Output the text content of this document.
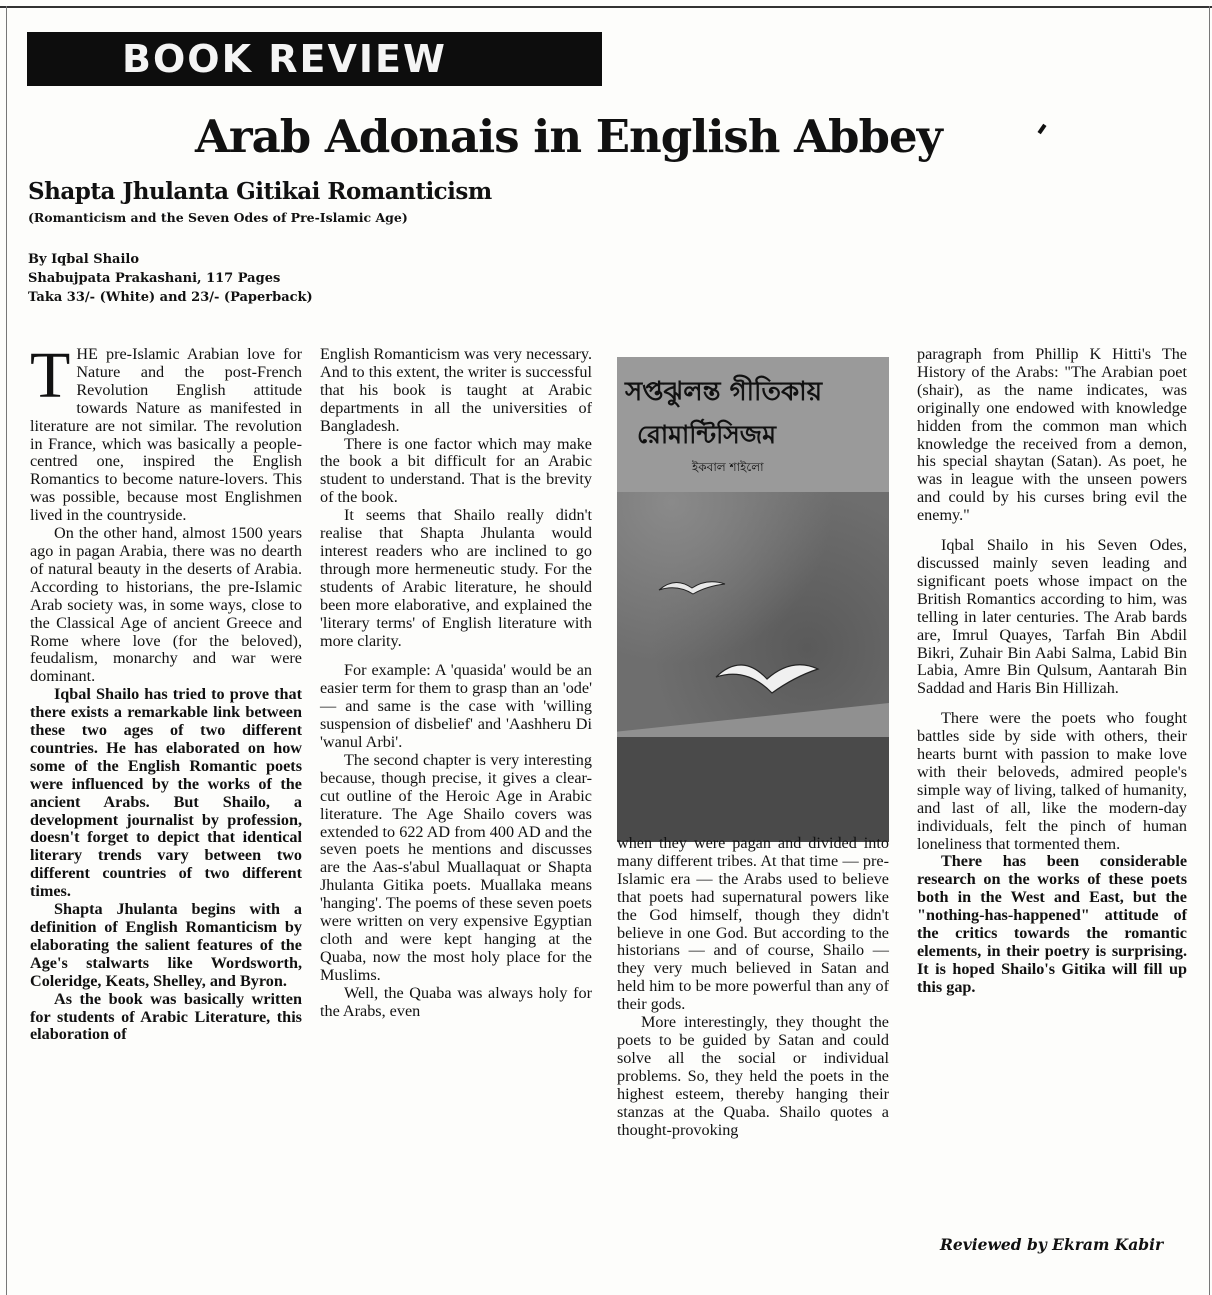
BOOK REVIEW
Arab Adonais in English Abbey
Shapta Jhulanta Gitikai Romanticism
(Romanticism and the Seven Odes of Pre-Islamic Age)
By Iqbal Shailo
Shabujpata Prakashani, 117 Pages
Taka 33/- (White) and 23/- (Paperback)

THE pre-Islamic Arabian love for Nature and the post-French Revolution English attitude towards Nature as manifested in literature are not similar. The revolution in France, which was basically a people-centred one, inspired the English Romantics to become nature-lovers. This was possible, because most Englishmen lived in the countryside.

On the other hand, almost 1500 years ago in pagan Arabia, there was no dearth of natural beauty in the deserts of Arabia. According to historians, the pre-Islamic Arab society was, in some ways, close to the Classical Age of ancient Greece and Rome where love (for the beloved), feudalism, monarchy and war were dominant.

Iqbal Shailo has tried to prove that there exists a remarkable link between these two ages of two different countries. He has elaborated on how some of the English Romantic poets were influenced by the works of the ancient Arabs. But Shailo, a development journalist by profession, doesn't forget to depict that identical literary trends vary between two different countries of two different times.

Shapta Jhulanta begins with a definition of English Romanticism by elaborating the salient features of the Age's stalwarts like Wordsworth, Coleridge, Keats, Shelley, and Byron.

As the book was basically written for students of Arabic Literature, this elaboration of

English Romanticism was very necessary. And to this extent, the writer is successful that his book is taught at Arabic departments in all the universities of Bangladesh.

There is one factor which may make the book a bit difficult for an Arabic student to understand. That is the brevity of the book.

It seems that Shailo really didn't realise that Shapta Jhulanta would interest readers who are inclined to go through more hermeneutic study. For the students of Arabic literature, he should been more elaborative, and explained the 'literary terms' of English literature with more clarity.

For example: A 'quasida' would be an easier term for them to grasp than an 'ode' — and same is the case with 'willing suspension of disbelief' and 'Aashheru Di 'wanul Arbi'.

The second chapter is very interesting because, though precise, it gives a clear-cut outline of the Heroic Age in Arabic literature. The Age Shailo covers was extended to 622 AD from 400 AD and the seven poets he mentions and discusses are the Aas-s'abul Muallaquat or Shapta Jhulanta Gitika poets. Muallaka means 'hanging'. The poems of these seven poets were written on very expensive Egyptian cloth and were kept hanging at the Quaba, now the most holy place for the Muslims.

Well, the Quaba was always holy for the Arabs, even

সপ্তঝুলন্ত গীতিকায়
রোমান্টিসিজম
ইকবাল শাইলো

when they were pagan and divided into many different tribes. At that time — pre-Islamic era — the Arabs used to believe that poets had supernatural powers like the God himself, though they didn't believe in one God. But according to the historians — and of course, Shailo — they very much believed in Satan and held him to be more powerful than any of their gods.

More interestingly, they thought the poets to be guided by Satan and could solve all the social or individual problems. So, they held the poets in the highest esteem, thereby hanging their stanzas at the Quaba. Shailo quotes a thought-provoking

paragraph from Phillip K Hitti's The History of the Arabs: "The Arabian poet (shair), as the name indicates, was originally one endowed with knowledge hidden from the common man which knowledge the received from a demon, his special shaytan (Satan). As poet, he was in league with the unseen powers and could by his curses bring evil the enemy."

Iqbal Shailo in his Seven Odes, discussed mainly seven leading and significant poets whose impact on the British Romantics according to him, was telling in later centuries. The Arab bards are, Imrul Quayes, Tarfah Bin Abdil Bikri, Zuhair Bin Aabi Salma, Labid Bin Labia, Amre Bin Qulsum, Aantarah Bin Saddad and Haris Bin Hillizah.

There were the poets who fought battles side by side with others, their hearts burnt with passion to make love with their beloveds, admired people's simple way of living, talked of humanity, and last of all, like the modern-day individuals, felt the pinch of human loneliness that tormented them.

There has been considerable research on the works of these poets both in the West and East, but the "nothing-has-happened" attitude of the critics towards the romantic elements, in their poetry is surprising. It is hoped Shailo's Gitika will fill up this gap.

Reviewed by Ekram Kabir
